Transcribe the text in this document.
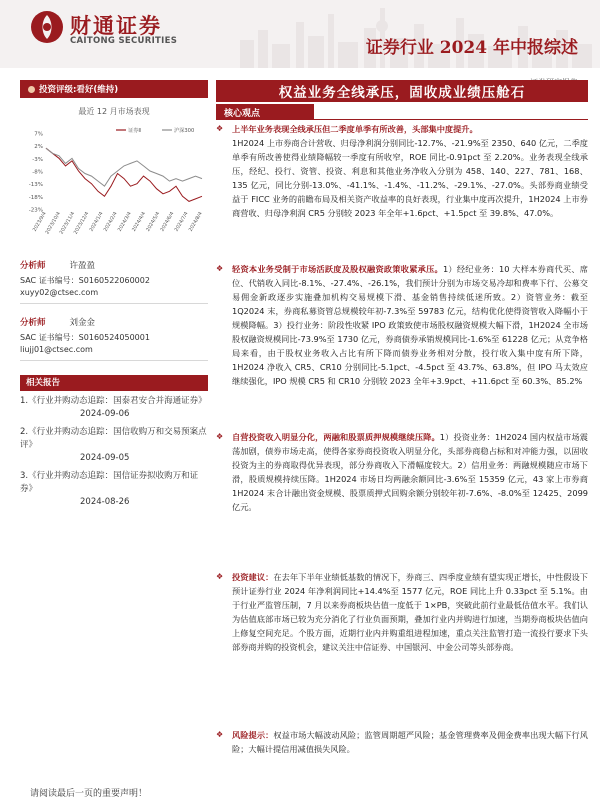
财通证券
CAITONG SECURITIES	证券行业 2024 年中报综述
投资评级:看好(维持)
最近 12 月市场表现
7%
2%
-3%
-8%
-13%
-18%
-23%
2023/9/4
2023/10/4
2023/11/4
2023/12/4 2024/1/4 2024/2/4 2024/3/4 2024/4/4 2024/5/4 2024/6/4 2024/7/4 2024/8/4
证券Ⅱ	沪深300
分析师	许盈盈
SAC 证书编号：S0160522060002
xuyy02@ctsec.com
分析师	刘金金
SAC 证书编号：S0160524050001
liujj01@ctsec.com
相关报告
1.《行业并购动态追踪：国泰君安合并海通证券》
2024-09-06
2.《行业并购动态追踪：国信收购万和交易预案点评》
2024-09-05
3.《行业并购动态追踪：国信证券拟收购万和证券》
2024-08-26
权益业务全线承压，固收成业绩压舱石
核心观点
❖ 上半年业务表现全线承压但二季度单季有所改善，头部集中度提升。
1H2024 上市券商合计营收、归母净利润分别同比-12.7%、-21.9%至 2350、640 亿元，二季度单季有所改善使得业绩降幅较一季度有所收窄，ROE 同比-0.91pct 至 2.20%。业务表现全线承压，经纪、投行、资管、投资、利息和其他业务净收入分别为 458、140、227、781、168、135 亿元，同比分别-13.0%、-41.1%、-1.4%、-11.2%、-29.1%、-27.0%。头部券商业绩受益于 FICC 业务的前瞻布局及相关资产收益率的良好表现，行业集中度再次提升，1H2024 上市券商营收、归母净利润 CR5 分别较 2023 年全年+1.6pct、+1.5pct 至 39.8%、47.0%。
❖ 轻资本业务受制于市场活跃度及股权融资政策收紧承压。1）经纪业务：10 大样本券商代买、席位、代销收入同比-8.1%、-27.4%、-26.1%，我们预计分别为市场交易冷却和费率下行、公募交易佣金新政逐步实施叠加机构交易规模下滑、基金销售持续低迷所致。2）资管业务：截至 1Q2024 末，券商私募资管总规模较年初-7.3%至 59783 亿元，结构优化使得资管收入降幅小于规模降幅。3）投行业务：阶段性收紧 IPO 政策致使市场股权融资规模大幅下滑，1H2024 全市场股权融资规模同比-73.9%至 1730 亿元，券商债券承销规模同比-1.6%至 61228 亿元；从竞争格局来看，由于股权业务收入占比有所下降而债券业务相对分散，投行收入集中度有所下降，1H2024 净收入 CR5、CR10 分别同比-5.1pct、-4.5pct 至 43.7%、63.8%，但 IPO 马太效应继续强化，IPO 规模 CR5 和 CR10 分别较 2023 全年+3.9pct、+11.6pct 至 60.3%、85.2%
❖ 自营投资收入明显分化，两融和股票质押规模继续压降。1）投资业务：1H2024 国内权益市场震荡加剧，债券市场走高，使得各家券商投资收入明显分化，头部券商稳占标和对冲能力强，以固收投资为主的券商取得优异表现，部分券商收入下滑幅度较大。2）信用业务：两融规模随应市场下滑，股质规模持续压降。1H2024 市场日均两融余额同比-3.6%至 15359 亿元，43 家上市券商 1H2024 末合计融出资金规模、股票质押式回购余额分别较年初-7.6%、-8.0%至 12425、2099 亿元。
❖ 投资建议：在去年下半年业绩低基数的情况下，券商三、四季度业绩有望实现正增长，中性假设下预计证券行业 2024 年净利润同比+14.4%至 1577 亿元，ROE 同比上升 0.33pct 至 5.1%。由于行业严监管压制，7 月以来券商板块估值一度低于 1×PB，突破此前行业最低估值水平。我们认为估值底部市场已较为充分消化了行业负面预期，叠加行业内并购进行加速，当期券商板块估值向上修复空间充足。个股方面，近期行业内并购重组进程加速，重点关注监管打造一流投行要求下头部券商并购的投资机会，建议关注中信证券、中国银河、中金公司等头部券商。
❖ 风险提示：权益市场大幅波动风险；监管周期超严风险；基金管理费率及佣金费率出现大幅下行风险；大幅计提信用减值损失风险。
请阅读最后一页的重要声明！
